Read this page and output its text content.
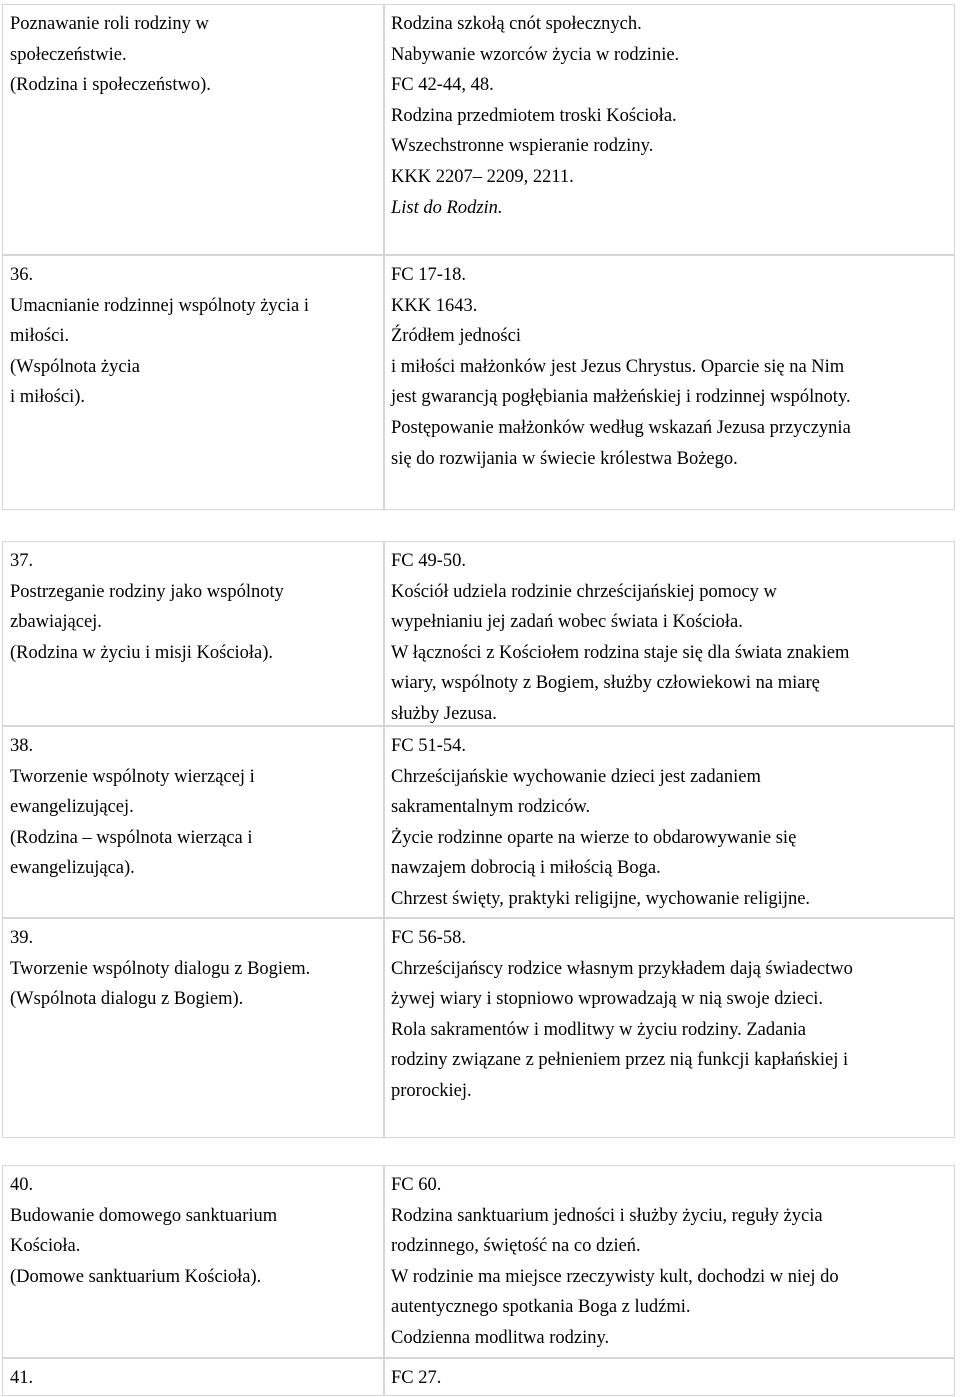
Poznawanie roli rodziny w
społeczeństwie.
(Rodzina i społeczeństwo).
Rodzina szkołą cnót społecznych.
Nabywanie wzorców życia w rodzinie.
FC 42-44, 48.
Rodzina przedmiotem troski Kościoła.
Wszechstronne wspieranie rodziny.
KKK 2207– 2209, 2211.
List do Rodzin.
36.
Umacnianie rodzinnej wspólnoty życia i
miłości.
(Wspólnota życia
i miłości).
FC 17-18.
KKK 1643.
Źródłem jedności
i miłości małżonków jest Jezus Chrystus. Oparcie się na Nim
jest gwarancją pogłębiania małżeńskiej i rodzinnej wspólnoty.
Postępowanie małżonków według wskazań Jezusa przyczynia
się do rozwijania w świecie królestwa Bożego.
37.
Postrzeganie rodziny jako wspólnoty
zbawiającej.
(Rodzina w życiu i misji Kościoła).
FC 49-50.
Kościół udziela rodzinie chrześcijańskiej pomocy w
wypełnianiu jej zadań wobec świata i Kościoła.
W łączności z Kościołem rodzina staje się dla świata znakiem
wiary, wspólnoty z Bogiem, służby człowiekowi na miarę
służby Jezusa.
38.
Tworzenie wspólnoty wierzącej i
ewangelizującej.
(Rodzina – wspólnota wierząca i
ewangelizująca).
FC 51-54.
Chrześcijańskie wychowanie dzieci jest zadaniem
sakramentalnym rodziców.
Życie rodzinne oparte na wierze to obdarowywanie się
nawzajem dobrocią i miłością Boga.
Chrzest święty, praktyki religijne, wychowanie religijne.
39.
Tworzenie wspólnoty dialogu z Bogiem.
(Wspólnota dialogu z Bogiem).
FC 56-58.
Chrześcijańscy rodzice własnym przykładem dają świadectwo
żywej wiary i stopniowo wprowadzają w nią swoje dzieci.
Rola sakramentów i modlitwy w życiu rodziny. Zadania
rodziny związane z pełnieniem przez nią funkcji kapłańskiej i
prorockiej.
40.
Budowanie domowego sanktuarium
Kościoła.
(Domowe sanktuarium Kościoła).
FC 60.
Rodzina sanktuarium jedności i służby życiu, reguły życia
rodzinnego, świętość na co dzień.
W rodzinie ma miejsce rzeczywisty kult, dochodzi w niej do
autentycznego spotkania Boga z ludźmi.
Codzienna modlitwa rodziny.
41.	FC 27.
